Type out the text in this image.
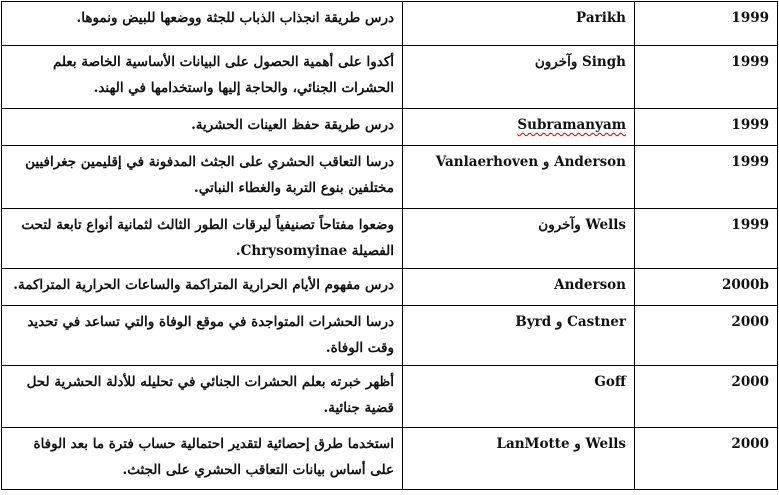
1999	Parikh	درس طريقة انجذاب الذباب للجثة ووضعها للبيض ونموها.
1999	Singh وآخرون	أكدوا على أهمية الحصول على البيانات الأساسية الخاصة بعلم الحشرات الجنائي، والحاجة إليها واستخدامها في الهند.
1999	Subramanyam	درس طريقة حفظ العينات الحشرية.
1999	Anderson و Vanlaerhoven	درسا التعاقب الحشري على الجثث المدفونة في إقليمين جغرافيين مختلفين بنوع التربة والغطاء النباتي.
1999	Wells وآخرون	وضعوا مفتاحاً تصنيفياً ليرقات الطور الثالث لثمانية أنواع تابعة لتحت الفصيلة Chrysomyinae.
2000b	Anderson	درس مفهوم الأيام الحرارية المتراكمة والساعات الحرارية المتراكمة.
2000	Castner و Byrd	درسا الحشرات المتواجدة في موقع الوفاة والتي تساعد في تحديد وقت الوفاة.
2000	Goff	أظهر خبرته بعلم الحشرات الجنائي في تحليله للأدلة الحشرية لحل قضية جنائية.
2000	Wells و LanMotte	استخدما طرق إحصائية لتقدير احتمالية حساب فترة ما بعد الوفاة على أساس بيانات التعاقب الحشري على الجثث.
